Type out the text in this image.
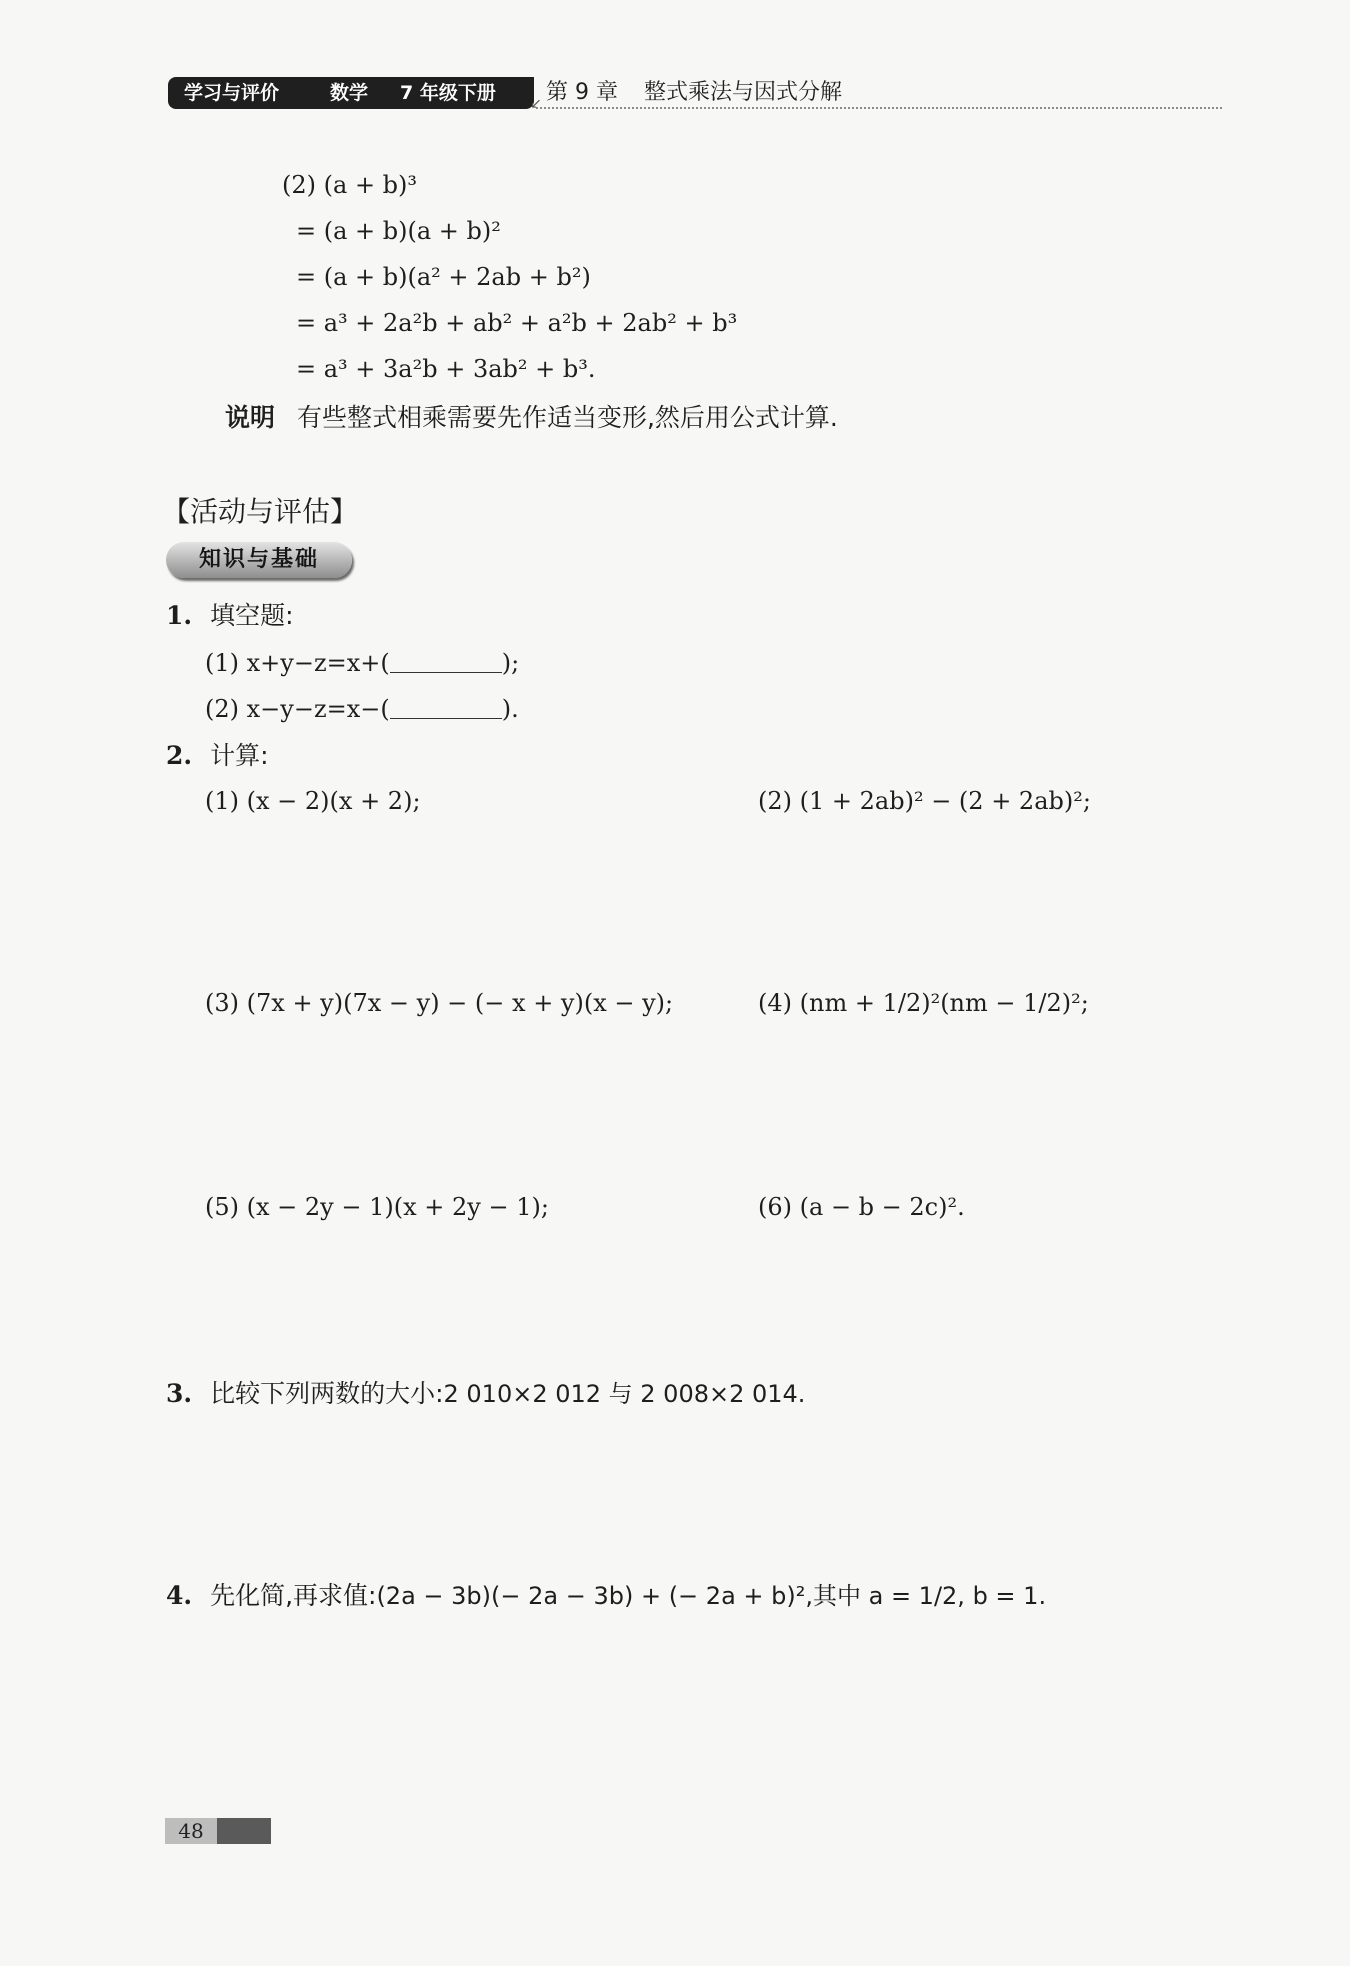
学习与评价	数学 7 年级下册 第 9 章 整式乘法与因式分解
↙
(2) (a + b)³
= (a + b)(a + b)²
= (a + b)(a² + 2ab + b²)
= a³ + 2a²b + ab² + a²b + 2ab² + b³
= a³ + 3a²b + 3ab² + b³.
说明 有些整式相乘需要先作适当变形,然后用公式计算.
【活动与评估】
知识与基础
1. 填空题:
(1) x+y−z=x+(	);
(2) x−y−z=x−(	).
2. 计算:
(1) (x − 2)(x + 2);	(2) (1 + 2ab)² − (2 + 2ab)²;
(3) (7x + y)(7x − y) − (− x + y)(x − y);	(4) (nm + 1/2)²(nm − 1/2)²;
(5) (x − 2y − 1)(x + 2y − 1);	(6) (a − b − 2c)².
3. 比较下列两数的大小:2 010×2 012 与 2 008×2 014.
4. 先化简,再求值:(2a − 3b)(− 2a − 3b) + (− 2a + b)²,其中 a = 1/2, b = 1.
48
